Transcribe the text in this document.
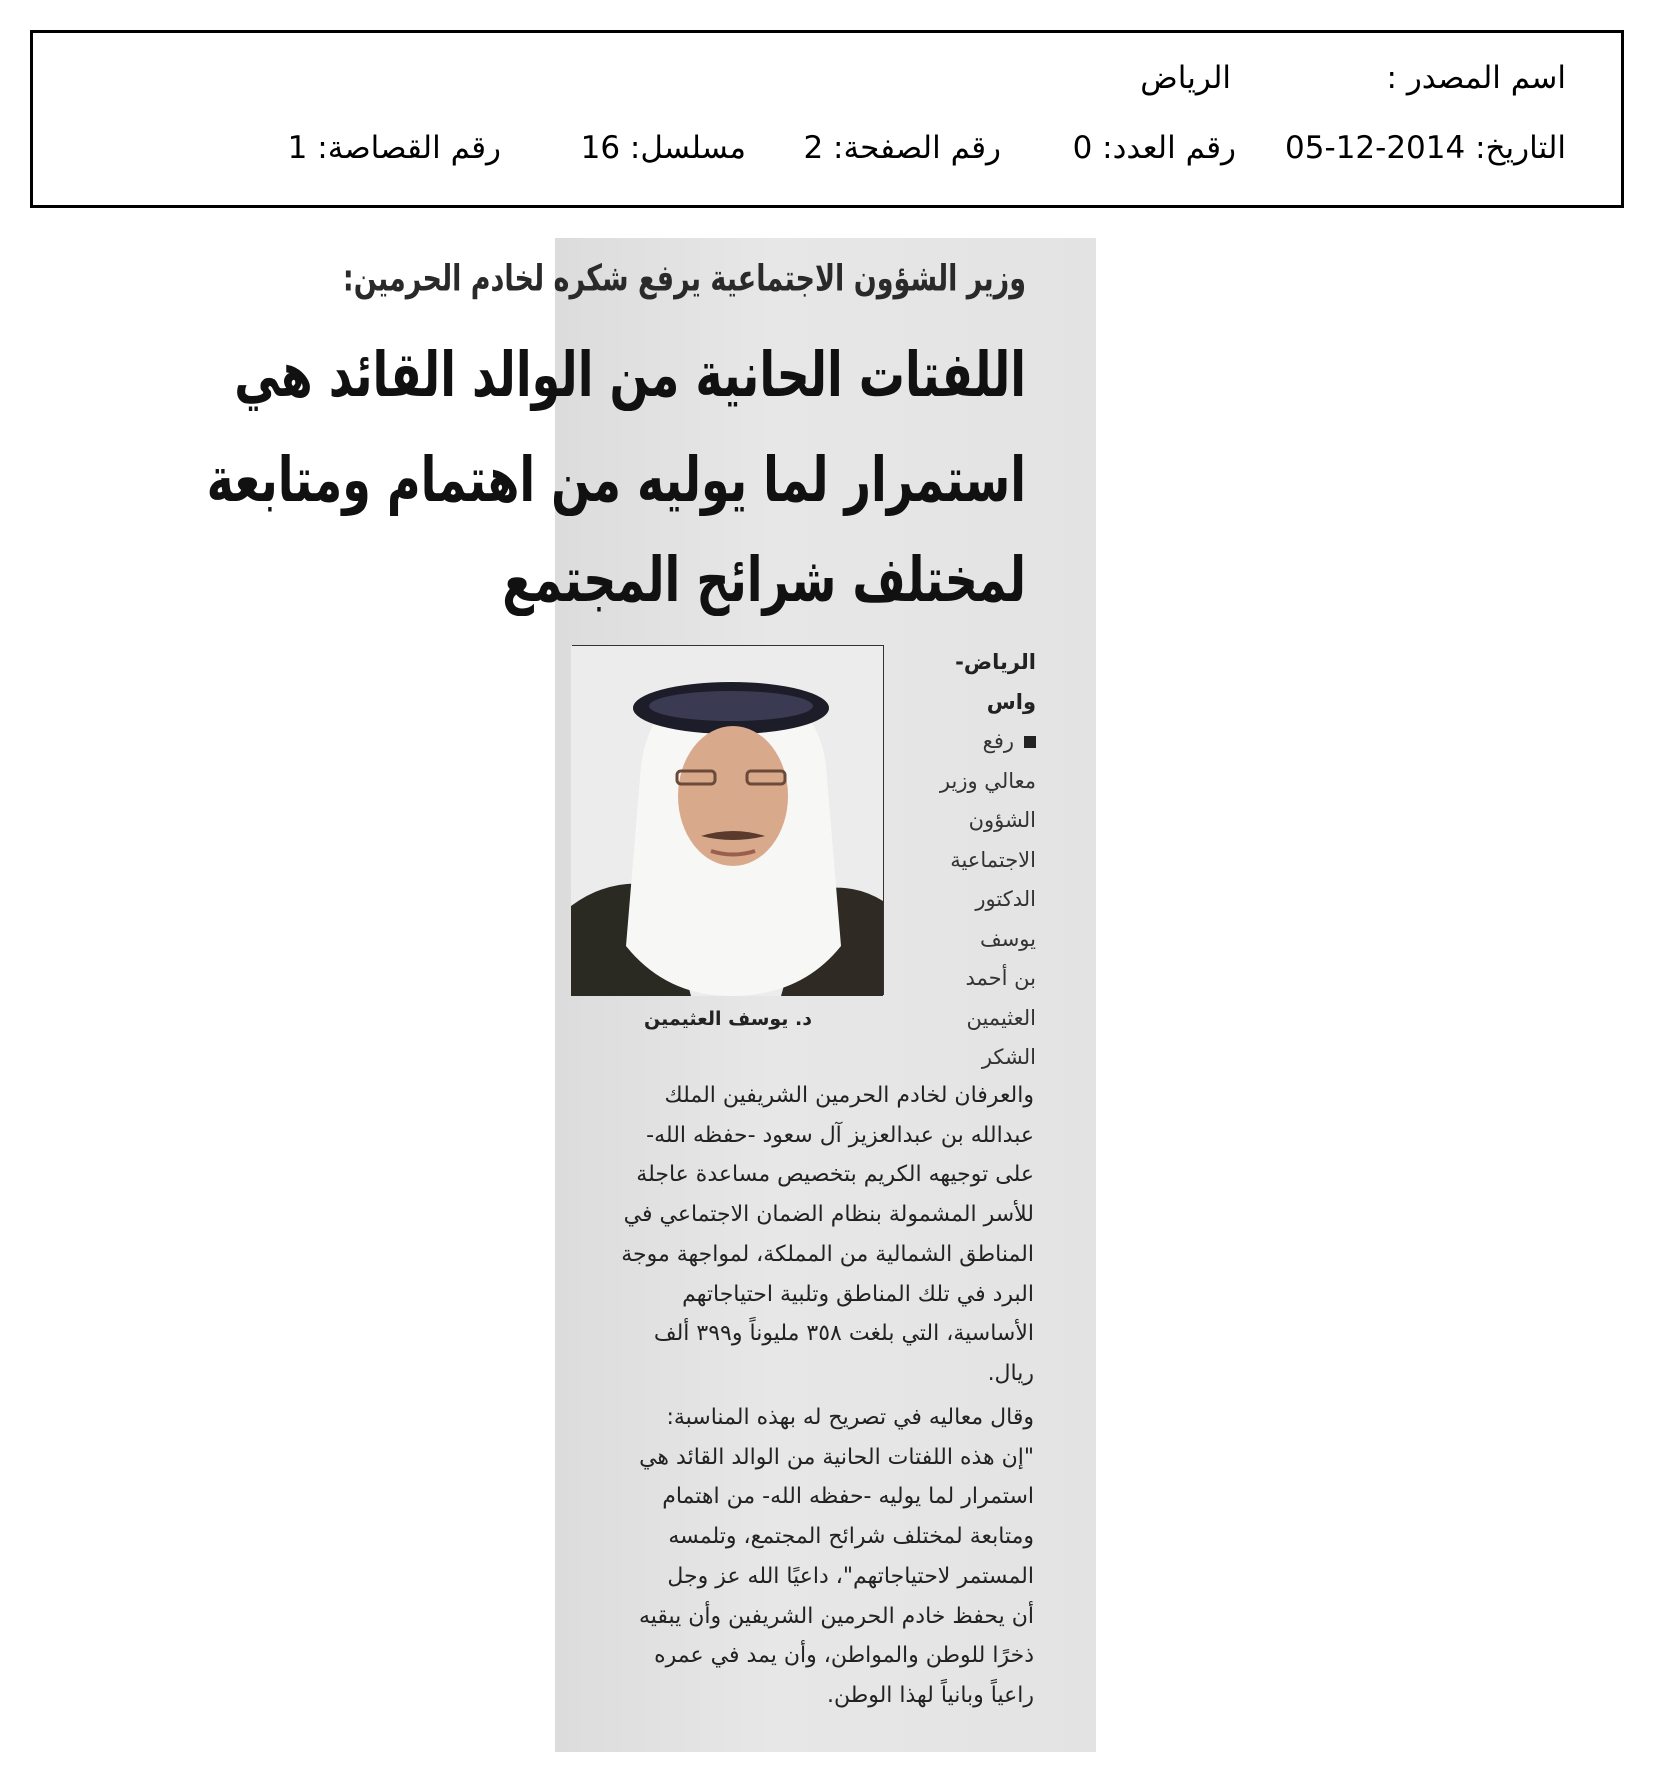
اسم المصدر :
الرياض
التاريخ: 2014-12-05
رقم العدد: 0
رقم الصفحة: 2
مسلسل: 16
رقم القصاصة: 1
وزير الشؤون الاجتماعية يرفع شكره لخادم الحرمين:
اللفتات الحانية من الوالد القائد هي
استمرار لما يوليه من اهتمام ومتابعة
لمختلف شرائح المجتمع
د. يوسف العثيمين
الرياض-
واس
رفع
معالي وزير
الشؤون
الاجتماعية
الدكتور
يوسف
بن أحمد
العثيمين
الشكر
والعرفان لخادم الحرمين الشريفين الملك
عبدالله بن عبدالعزيز آل سعود -حفظه الله-
على توجيهه الكريم بتخصيص مساعدة عاجلة
للأسر المشمولة بنظام الضمان الاجتماعي في
المناطق الشمالية من المملكة، لمواجهة موجة
البرد في تلك المناطق وتلبية احتياجاتهم
الأساسية، التي بلغت ٣٥٨ مليوناً و٣٩٩ ألف
ريال.
وقال معاليه في تصريح له بهذه المناسبة:
"إن هذه اللفتات الحانية من الوالد القائد هي
استمرار لما يوليه -حفظه الله- من اهتمام
ومتابعة لمختلف شرائح المجتمع، وتلمسه
المستمر لاحتياجاتهم"، داعيًا الله عز وجل
أن يحفظ خادم الحرمين الشريفين وأن يبقيه
ذخرًا للوطن والمواطن، وأن يمد في عمره
راعياً وبانياً لهذا الوطن.
